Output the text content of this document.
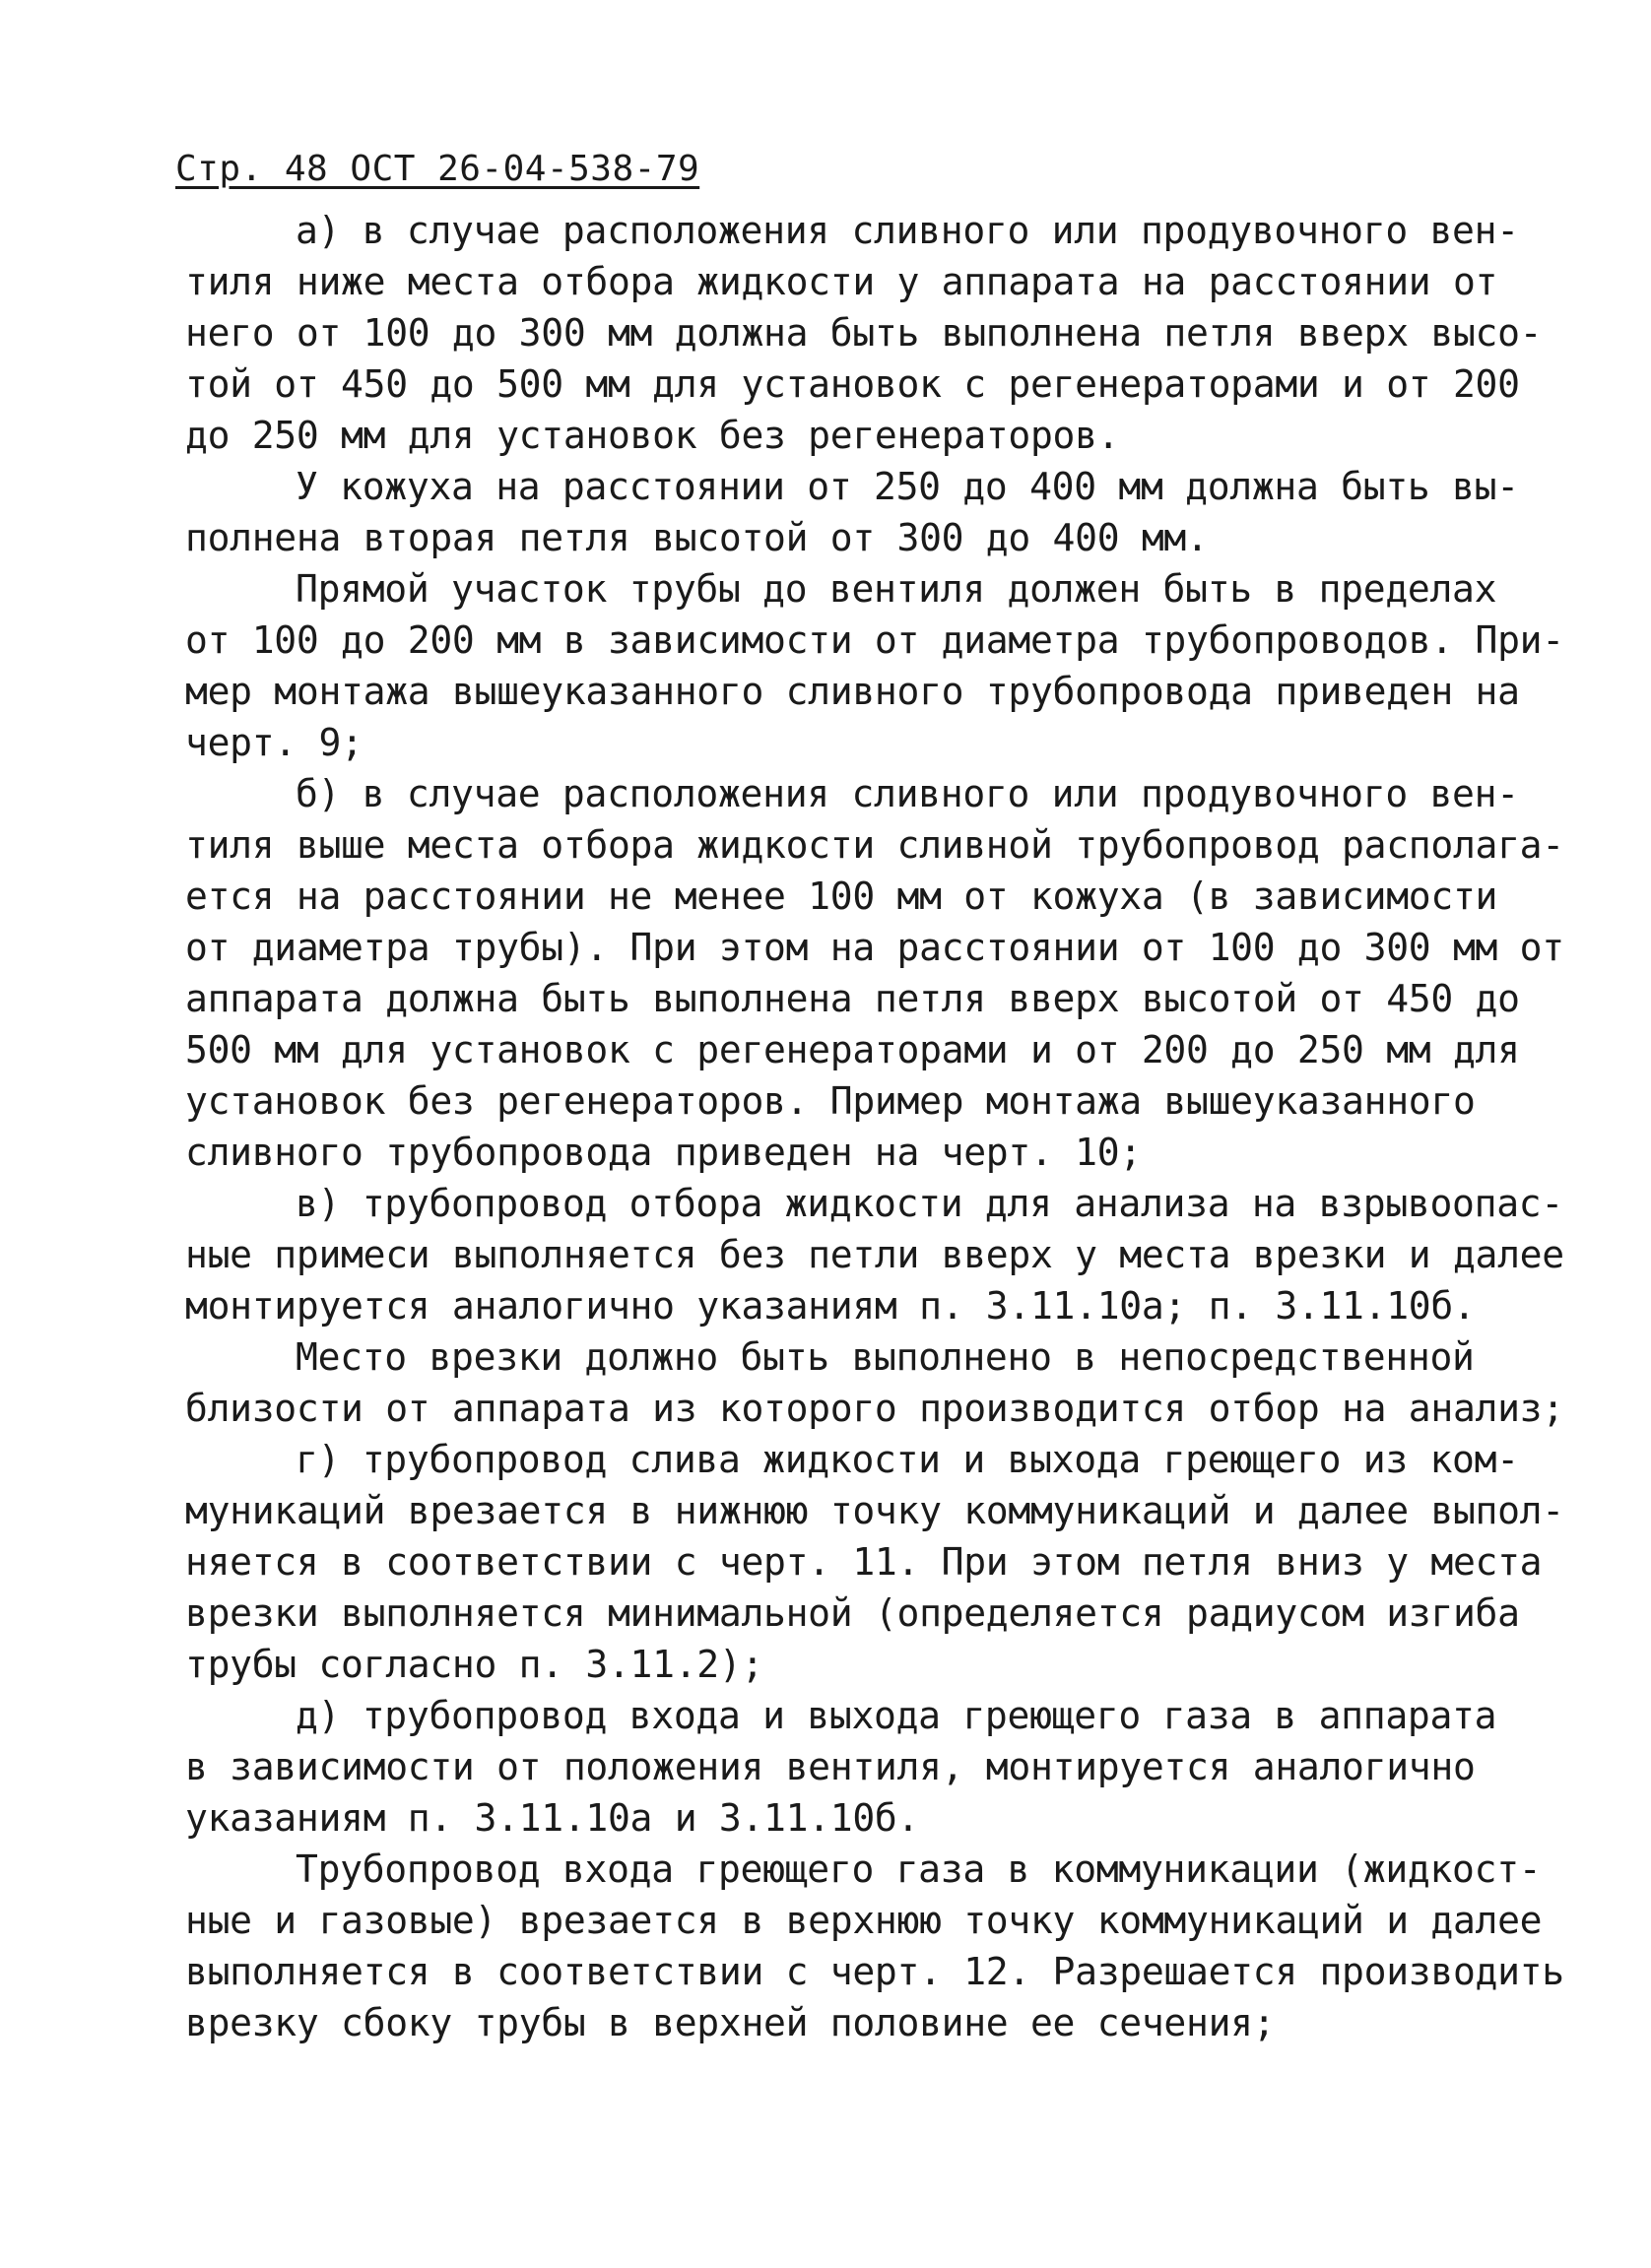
Стр. 48 ОСТ 26-04-538-79
а) в случае расположения сливного или продувочного вен-
тиля ниже места отбора жидкости у аппарата на расстоянии от
него от 100 до 300 мм должна быть выполнена петля вверх высо-
той от 450 до 500 мм для установок с регенераторами и от 200
до 250 мм для установок без регенераторов.
У кожуха на расстоянии от 250 до 400 мм должна быть вы-
полнена вторая петля высотой от 300 до 400 мм.
Прямой участок трубы до вентиля должен быть в пределах
от 100 до 200 мм в зависимости от диаметра трубопроводов. При-
мер монтажа вышеуказанного сливного трубопровода приведен на
черт. 9;
б) в случае расположения сливного или продувочного вен-
тиля выше места отбора жидкости сливной трубопровод располага-
ется на расстоянии не менее 100 мм от кожуха (в зависимости
от диаметра трубы). При этом на расстоянии от 100 до 300 мм от
аппарата должна быть выполнена петля вверх высотой от 450 до
500 мм для установок с регенераторами и от 200 до 250 мм для
установок без регенераторов. Пример монтажа вышеуказанного
сливного трубопровода приведен на черт. 10;
в) трубопровод отбора жидкости для анализа на взрывоопас-
ные примеси выполняется без петли вверх у места врезки и далее
монтируется аналогично указаниям п. 3.11.10а; п. 3.11.10б.
Место врезки должно быть выполнено в непосредственной
близости от аппарата из которого производится отбор на анализ;
г) трубопровод слива жидкости и выхода греющего из ком-
муникаций врезается в нижнюю точку коммуникаций и далее выпол-
няется в соответствии с черт. 11. При этом петля вниз у места
врезки выполняется минимальной (определяется радиусом изгиба
трубы согласно п. 3.11.2);
д) трубопровод входа и выхода греющего газа в аппарата
в зависимости от положения вентиля, монтируется аналогично
указаниям п. 3.11.10а и 3.11.10б.
Трубопровод входа греющего газа в коммуникации (жидкост-
ные и газовые) врезается в верхнюю точку коммуникаций и далее
выполняется в соответствии с черт. 12. Разрешается производить
врезку сбоку трубы в верхней половине ее сечения;
